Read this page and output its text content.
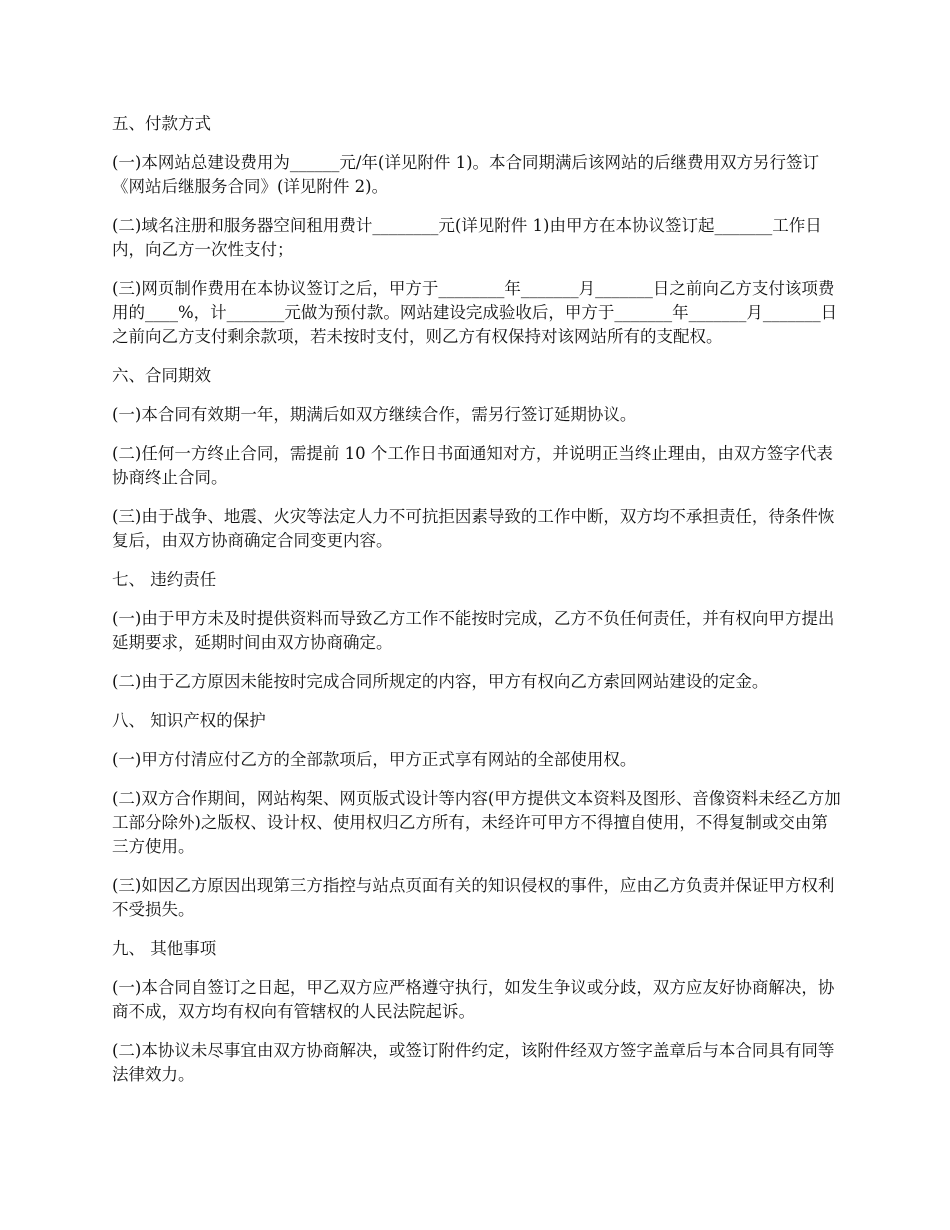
五、付款方式

(一)本网站总建设费用为______元/年(详见附件 1)。本合同期满后该网站的后继费用双方另行签订《网站后继服务合同》(详见附件 2)。

(二)域名注册和服务器空间租用费计________元(详见附件 1)由甲方在本协议签订起_______工作日内，向乙方一次性支付；

(三)网页制作费用在本协议签订之后，甲方于________年_______月_______日之前向乙方支付该项费用的____%，计_______元做为预付款。网站建设完成验收后，甲方于_______年_______月_______日之前向乙方支付剩余款项，若未按时支付，则乙方有权保持对该网站所有的支配权。

六、合同期效

(一)本合同有效期一年，期满后如双方继续合作，需另行签订延期协议。

(二)任何一方终止合同，需提前 10 个工作日书面通知对方，并说明正当终止理由，由双方签字代表协商终止合同。

(三)由于战争、地震、火灾等法定人力不可抗拒因素导致的工作中断，双方均不承担责任，待条件恢复后，由双方协商确定合同变更内容。

七、 违约责任

(一)由于甲方未及时提供资料而导致乙方工作不能按时完成，乙方不负任何责任，并有权向甲方提出延期要求，延期时间由双方协商确定。

(二)由于乙方原因未能按时完成合同所规定的内容，甲方有权向乙方索回网站建设的定金。

八、 知识产权的保护

(一)甲方付清应付乙方的全部款项后，甲方正式享有网站的全部使用权。

(二)双方合作期间，网站构架、网页版式设计等内容(甲方提供文本资料及图形、音像资料未经乙方加工部分除外)之版权、设计权、使用权归乙方所有，未经许可甲方不得擅自使用，不得复制或交由第三方使用。

(三)如因乙方原因出现第三方指控与站点页面有关的知识侵权的事件，应由乙方负责并保证甲方权利不受损失。

九、 其他事项

(一)本合同自签订之日起，甲乙双方应严格遵守执行，如发生争议或分歧，双方应友好协商解决，协商不成，双方均有权向有管辖权的人民法院起诉。

(二)本协议未尽事宜由双方协商解决，或签订附件约定，该附件经双方签字盖章后与本合同具有同等法律效力。
